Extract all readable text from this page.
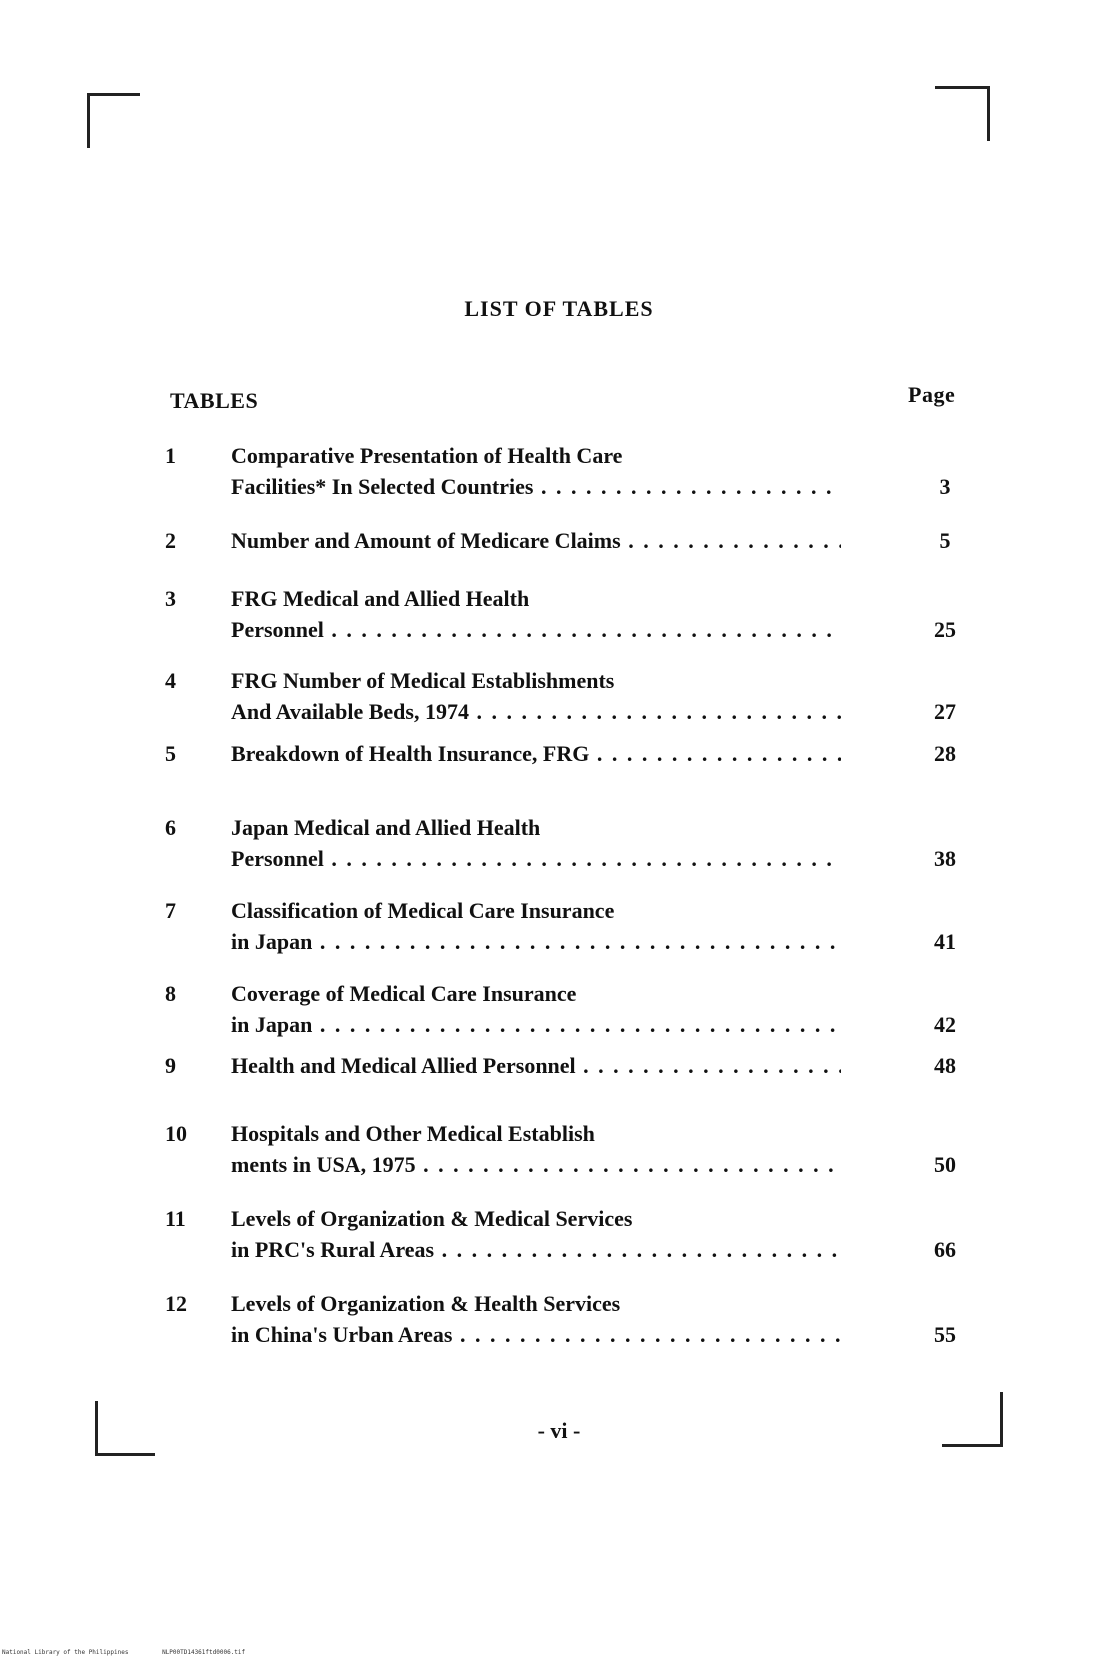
LIST OF TABLES
TABLES	Page
1	Comparative Presentation of Health Care
Facilities* In Selected Countries . . .	3
2	Number and Amount of Medicare Claims . . .	5
3	FRG Medical and Allied Health
Personnel . . .	25
4	FRG Number of Medical Establishments
And Available Beds, 1974 . . .	27
5	Breakdown of Health Insurance, FRG . . .	28
6	Japan Medical and Allied Health
Personnel . . .	38
7	Classification of Medical Care Insurance
in Japan . . .	41
8	Coverage of Medical Care Insurance
in Japan . . .	42
9	Health and Medical Allied Personnel . . .	48
10	Hospitals and Other Medical Establish
ments in USA, 1975 . . .	50
11	Levels of Organization & Medical Services
in PRC's Rural Areas . . .	66
12	Levels of Organization & Health Services
in China's Urban Areas . . .	55
- vi -
National Library of the Philippines	NLP00TD14361ftd0006.tif
